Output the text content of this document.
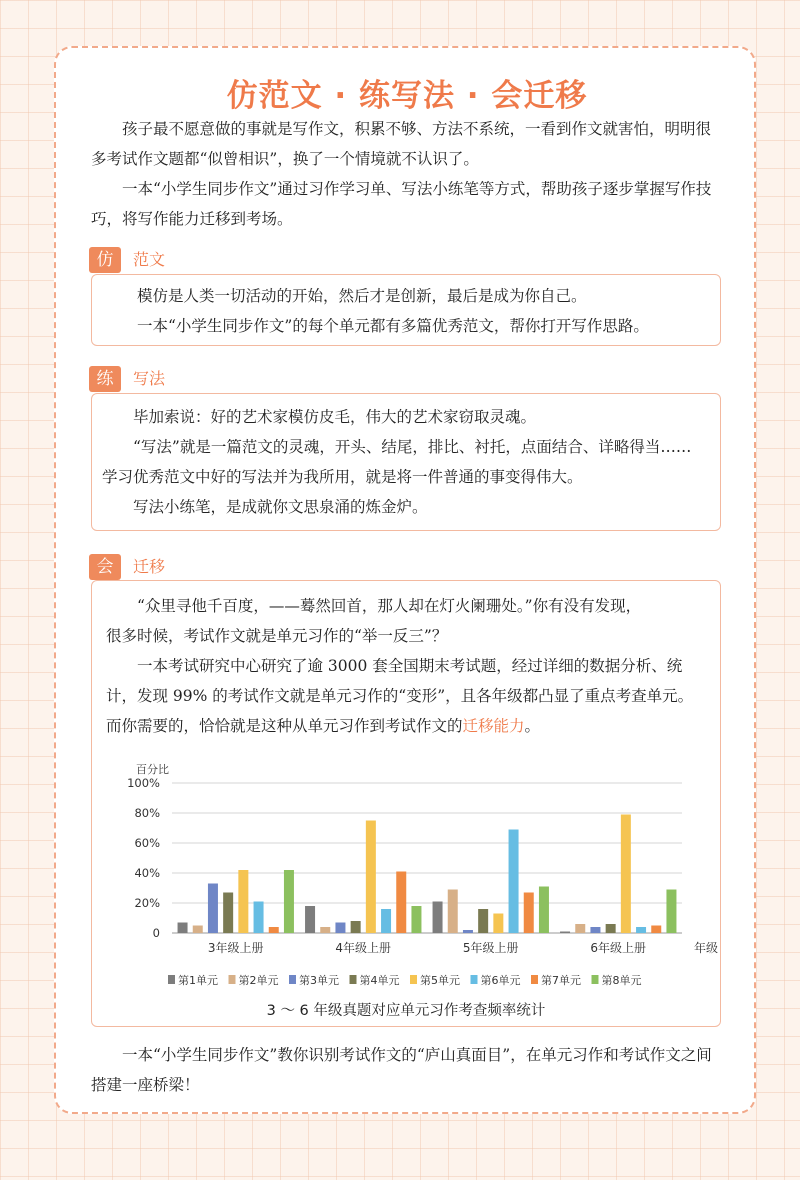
仿范文 · 练写法 · 会迁移

孩子最不愿意做的事就是写作文，积累不够、方法不系统，一看到作文就害怕，明明很多考试作文题都“似曾相识”，换了一个情境就不认识了。

一本“小学生同步作文”通过习作学习单、写法小练笔等方式，帮助孩子逐步掌握写作技巧，将写作能力迁移到考场。

仿	范文

模仿是人类一切活动的开始，然后才是创新，最后是成为你自己。

一本“小学生同步作文”的每个单元都有多篇优秀范文，帮你打开写作思路。

练	写法

毕加索说：好的艺术家模仿皮毛，伟大的艺术家窃取灵魂。

“写法”就是一篇范文的灵魂，开头、结尾，排比、衬托，点面结合、详略得当……

学习优秀范文中好的写法并为我所用，就是将一件普通的事变得伟大。

写法小练笔，是成就你文思泉涌的炼金炉。

会	迁移

“众里寻他千百度，——蓦然回首，那人却在灯火阑珊处。”你有没有发现，

很多时候，考试作文就是单元习作的“举一反三”？

一本考试研究中心研究了逾 3000 套全国期末考试题，经过详细的数据分析、统

计，发现 99% 的考试作文就是单元习作的“变形”，且各年级都凸显了重点考查单元。

而你需要的，恰恰就是这种从单元习作到考试作文的迁移能力。

百分比
0
20%
40%
60%
80%
100%
3年级上册	4年级上册	5年级上册	6年级上册	年级
第1单元 第2单元 第3单元 第4单元 第5单元 第6单元 第7单元 第8单元
3 ～ 6 年级真题对应单元习作考查频率统计

一本“小学生同步作文”教你识别考试作文的“庐山真面目”，在单元习作和考试作文之间搭建一座桥梁！
